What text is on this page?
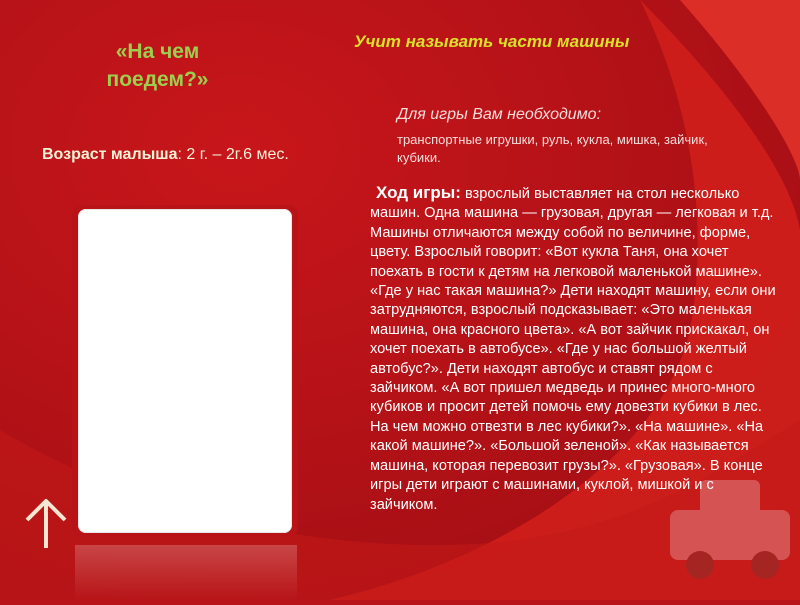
«На чем поедем?»
Учит называть части машины
Возраст малыша: 2 г. – 2г.6 мес.
Для игры Вам необходимо:
транспортные игрушки, руль, кукла, мишка, зайчик, кубики.
Ход игры: взрослый выставляет на стол несколько машин. Одна машина — грузовая, другая — легковая и т.д. Машины отличаются между собой по величине, форме, цвету. Взрослый говорит: «Вот кукла Таня, она хочет поехать в гости к детям на легковой маленькой машине». «Где у нас такая машина?» Дети находят машину, если они затрудняются, взрослый подсказывает: «Это маленькая машина, она красного цвета». «А вот зайчик прискакал, он хочет поехать в автобусе». «Где у нас большой желтый автобус?». Дети находят автобус и ставят рядом с зайчиком. «А вот пришел медведь и принес много-много кубиков и просит детей помочь ему довезти кубики в лес. На чем можно отвезти в лес кубики?». «На машине». «На какой машине?». «Большой зеленой». «Как называется машина, которая перевозит грузы?». «Грузовая». В конце игры дети играют с машинами, куклой, мишкой и с зайчиком.
